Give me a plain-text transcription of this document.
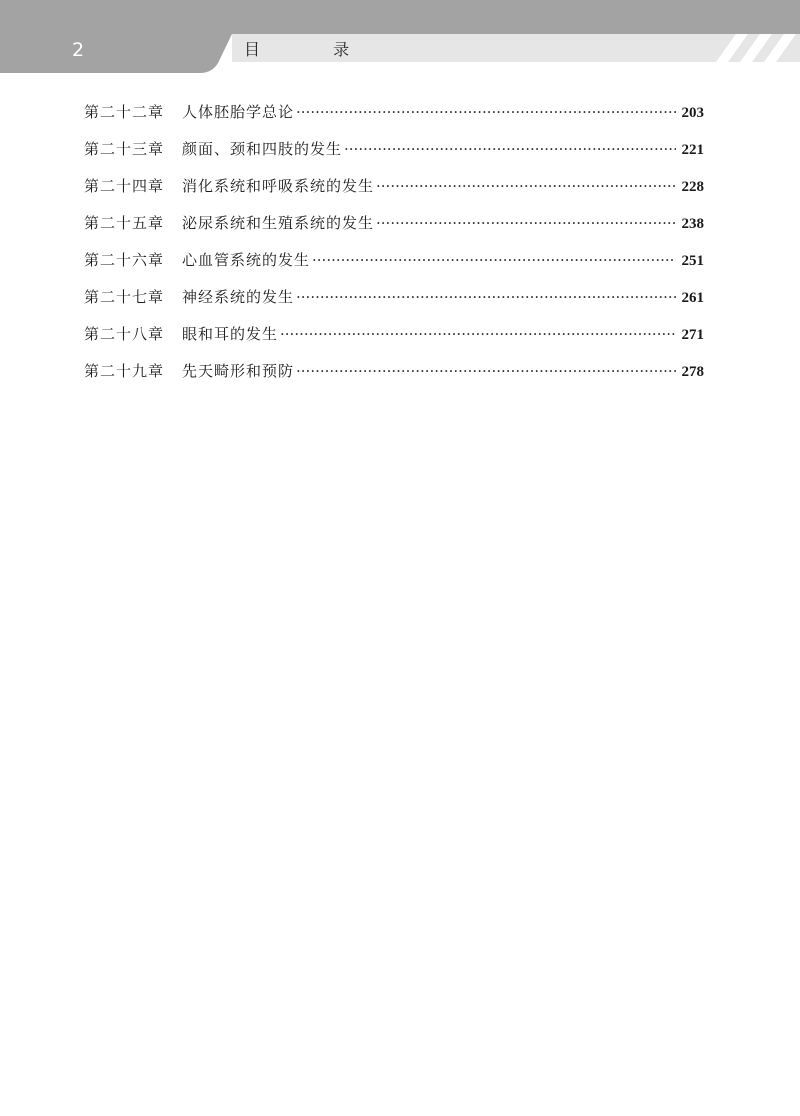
2	目 录
第二十二章	人体胚胎学总论 ·····	203
第二十三章	颜面、颈和四肢的发生 ·····	221
第二十四章	消化系统和呼吸系统的发生 ·····	228
第二十五章	泌尿系统和生殖系统的发生 ·····	238
第二十六章	心血管系统的发生 ·····	251
第二十七章	神经系统的发生 ·····	261
第二十八章	眼和耳的发生 ·····	271
第二十九章	先天畸形和预防 ·····	278
